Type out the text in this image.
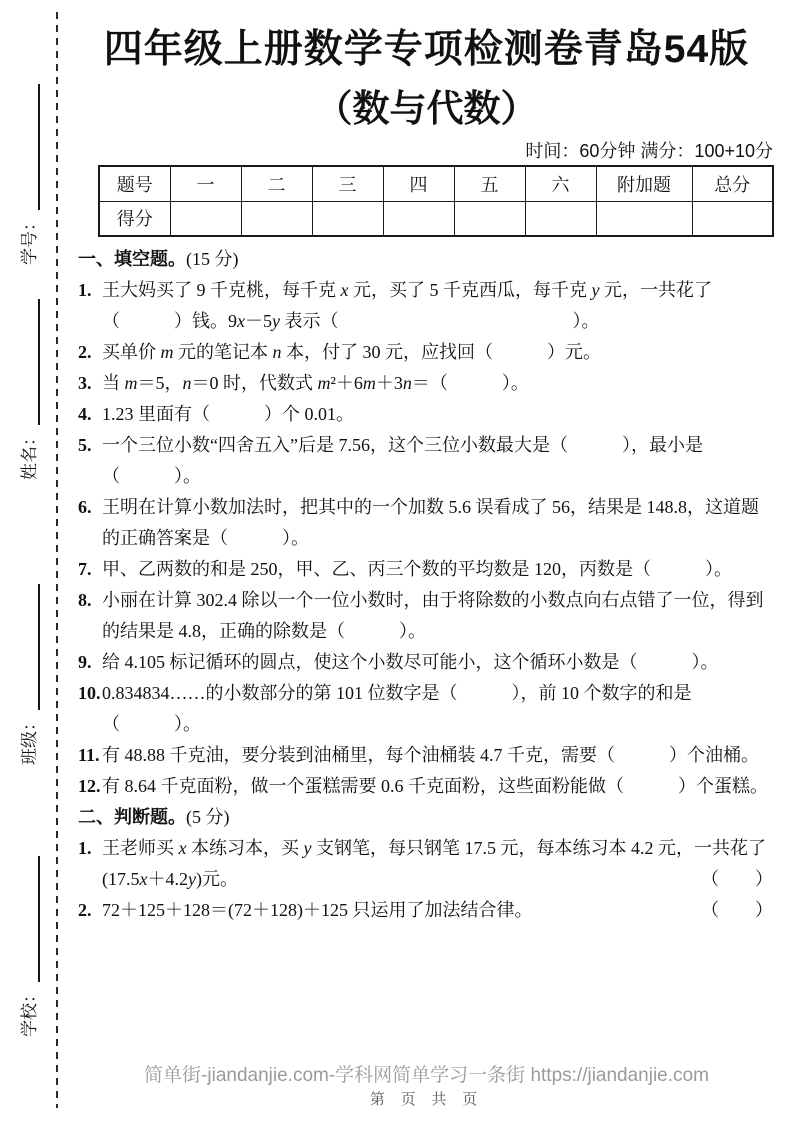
学号：
姓名：
班级：
学校：
四年级上册数学专项检测卷青岛54版
（数与代数）
时间：60分钟 满分：100+10分
题号	一	二	三	四	五	六	附加题	总分
得分								
一、填空题。(15 分)
1. 王大妈买了 9 千克桃，每千克 x 元，买了 5 千克西瓜，每千克 y 元，一共花了（　　　）钱。9x－5y 表示（　　　　　　　　　　　　　）。
2. 买单价 m 元的笔记本 n 本，付了 30 元，应找回（　　　）元。
3. 当 m＝5，n＝0 时，代数式 m²＋6m＋3n＝（　　　）。
4. 1.23 里面有（　　　）个 0.01。
5. 一个三位小数“四舍五入”后是 7.56，这个三位小数最大是（　　　），最小是（　　　）。
6. 王明在计算小数加法时，把其中的一个加数 5.6 误看成了 56，结果是 148.8，这道题的正确答案是（　　　）。
7. 甲、乙两数的和是 250，甲、乙、丙三个数的平均数是 120，丙数是（　　　）。
8. 小丽在计算 302.4 除以一个一位小数时，由于将除数的小数点向右点错了一位，得到的结果是 4.8，正确的除数是（　　　）。
9. 给 4.105 标记循环的圆点，使这个小数尽可能小，这个循环小数是（　　　）。
10.0.834834……的小数部分的第 101 位数字是（　　　），前 10 个数字的和是（　　　）。
11. 有 48.88 千克油，要分装到油桶里，每个油桶装 4.7 千克，需要（　　　）个油桶。
12.有 8.64 千克面粉，做一个蛋糕需要 0.6 千克面粉，这些面粉能做（　　　）个蛋糕。
二、判断题。(5 分)
1. 王老师买 x 本练习本，买 y 支钢笔，每只钢笔 17.5 元，每本练习本 4.2 元，一共花了(17.5x＋4.2y)元。	（　　）
2. 72＋125＋128＝(72＋128)＋125 只运用了加法结合律。	（　　）
简单街-jiandanjie.com-学科网简单学习一条街 https://jiandanjie.com
第 页 共 页
